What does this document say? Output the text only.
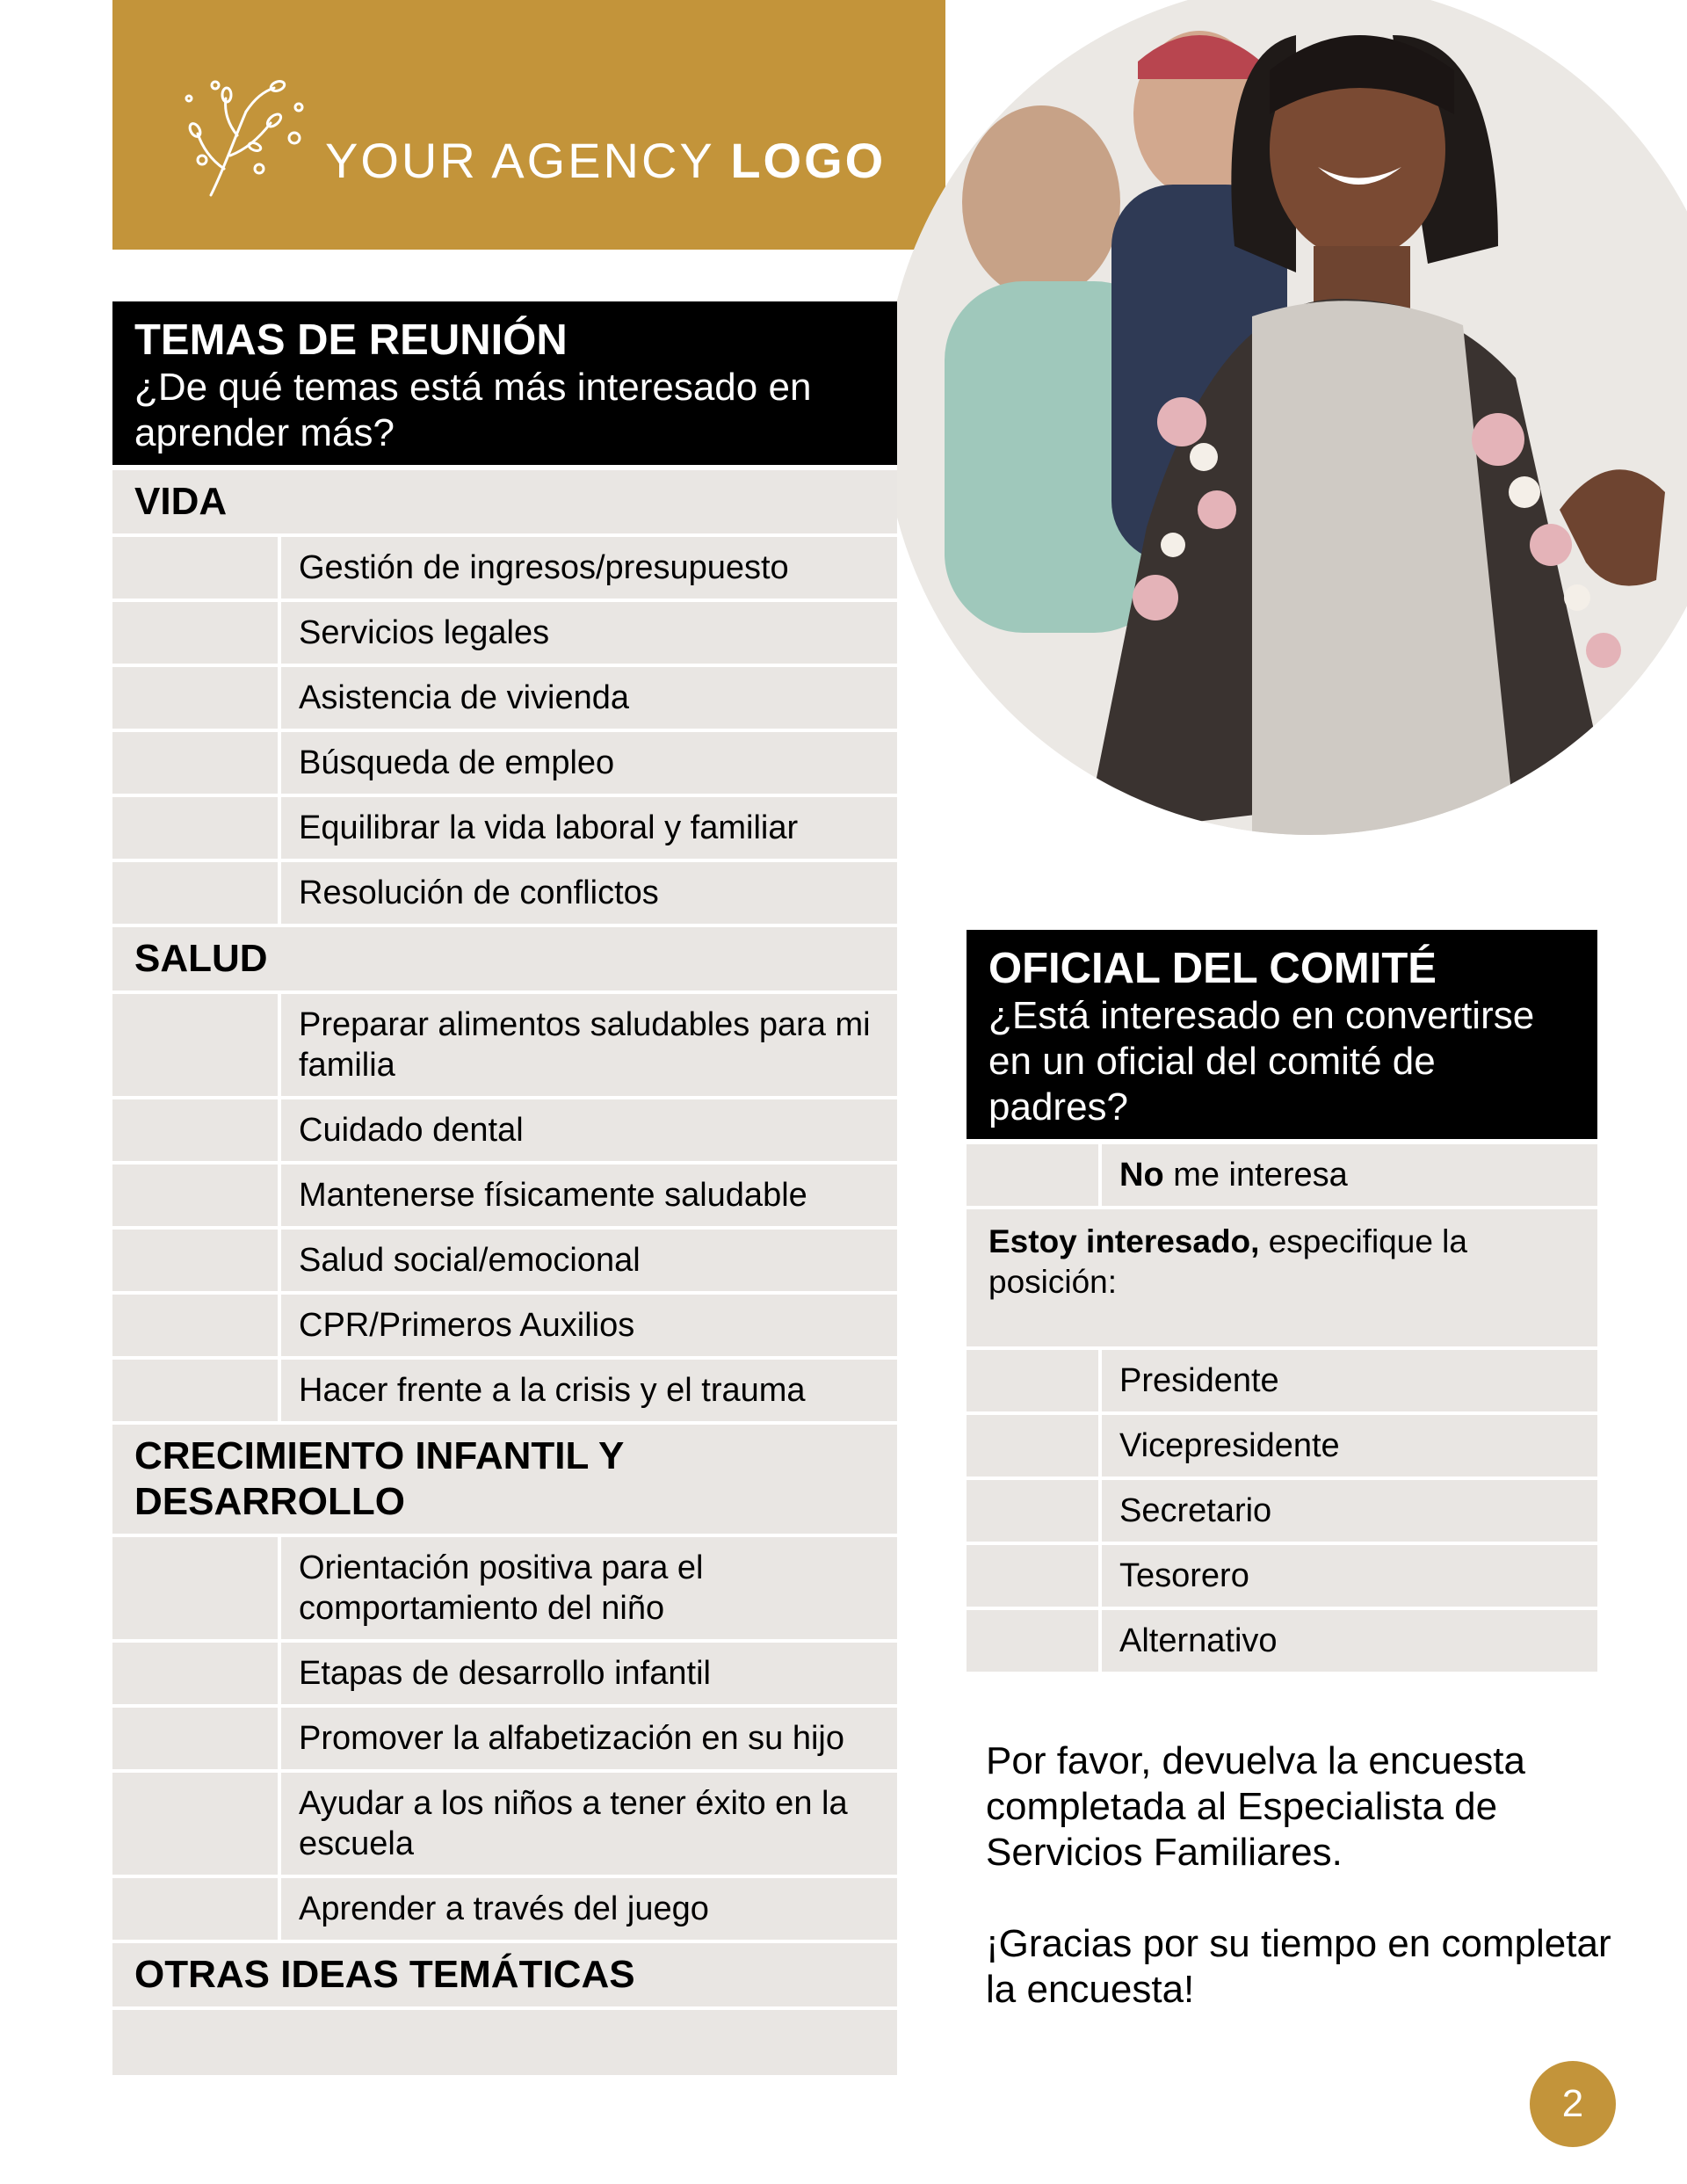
YOUR AGENCY LOGO
TEMAS DE REUNIÓN
¿De qué temas está más interesado en aprender más?
VIDA
Gestión de ingresos/presupuesto
Servicios legales
Asistencia de vivienda
Búsqueda de empleo
Equilibrar la vida laboral y familiar
Resolución de conflictos
SALUD
Preparar alimentos saludables para mi familia
Cuidado dental
Mantenerse físicamente saludable
Salud social/emocional
CPR/Primeros Auxilios
Hacer frente a la crisis y el trauma
CRECIMIENTO INFANTIL Y DESARROLLO
Orientación positiva para el comportamiento del niño
Etapas de desarrollo infantil
Promover la alfabetización en su hijo
Ayudar a los niños a tener éxito en la escuela
Aprender a través del juego
OTRAS IDEAS TEMÁTICAS
OFICIAL DEL COMITÉ
¿Está interesado en convertirse en un oficial del comité de padres?
No me interesa
Estoy interesado, especifique la posición:
Presidente
Vicepresidente
Secretario
Tesorero
Alternativo

Por favor, devuelva la encuesta completada al Especialista de Servicios Familiares.

¡Gracias por su tiempo en completar la encuesta!

2
